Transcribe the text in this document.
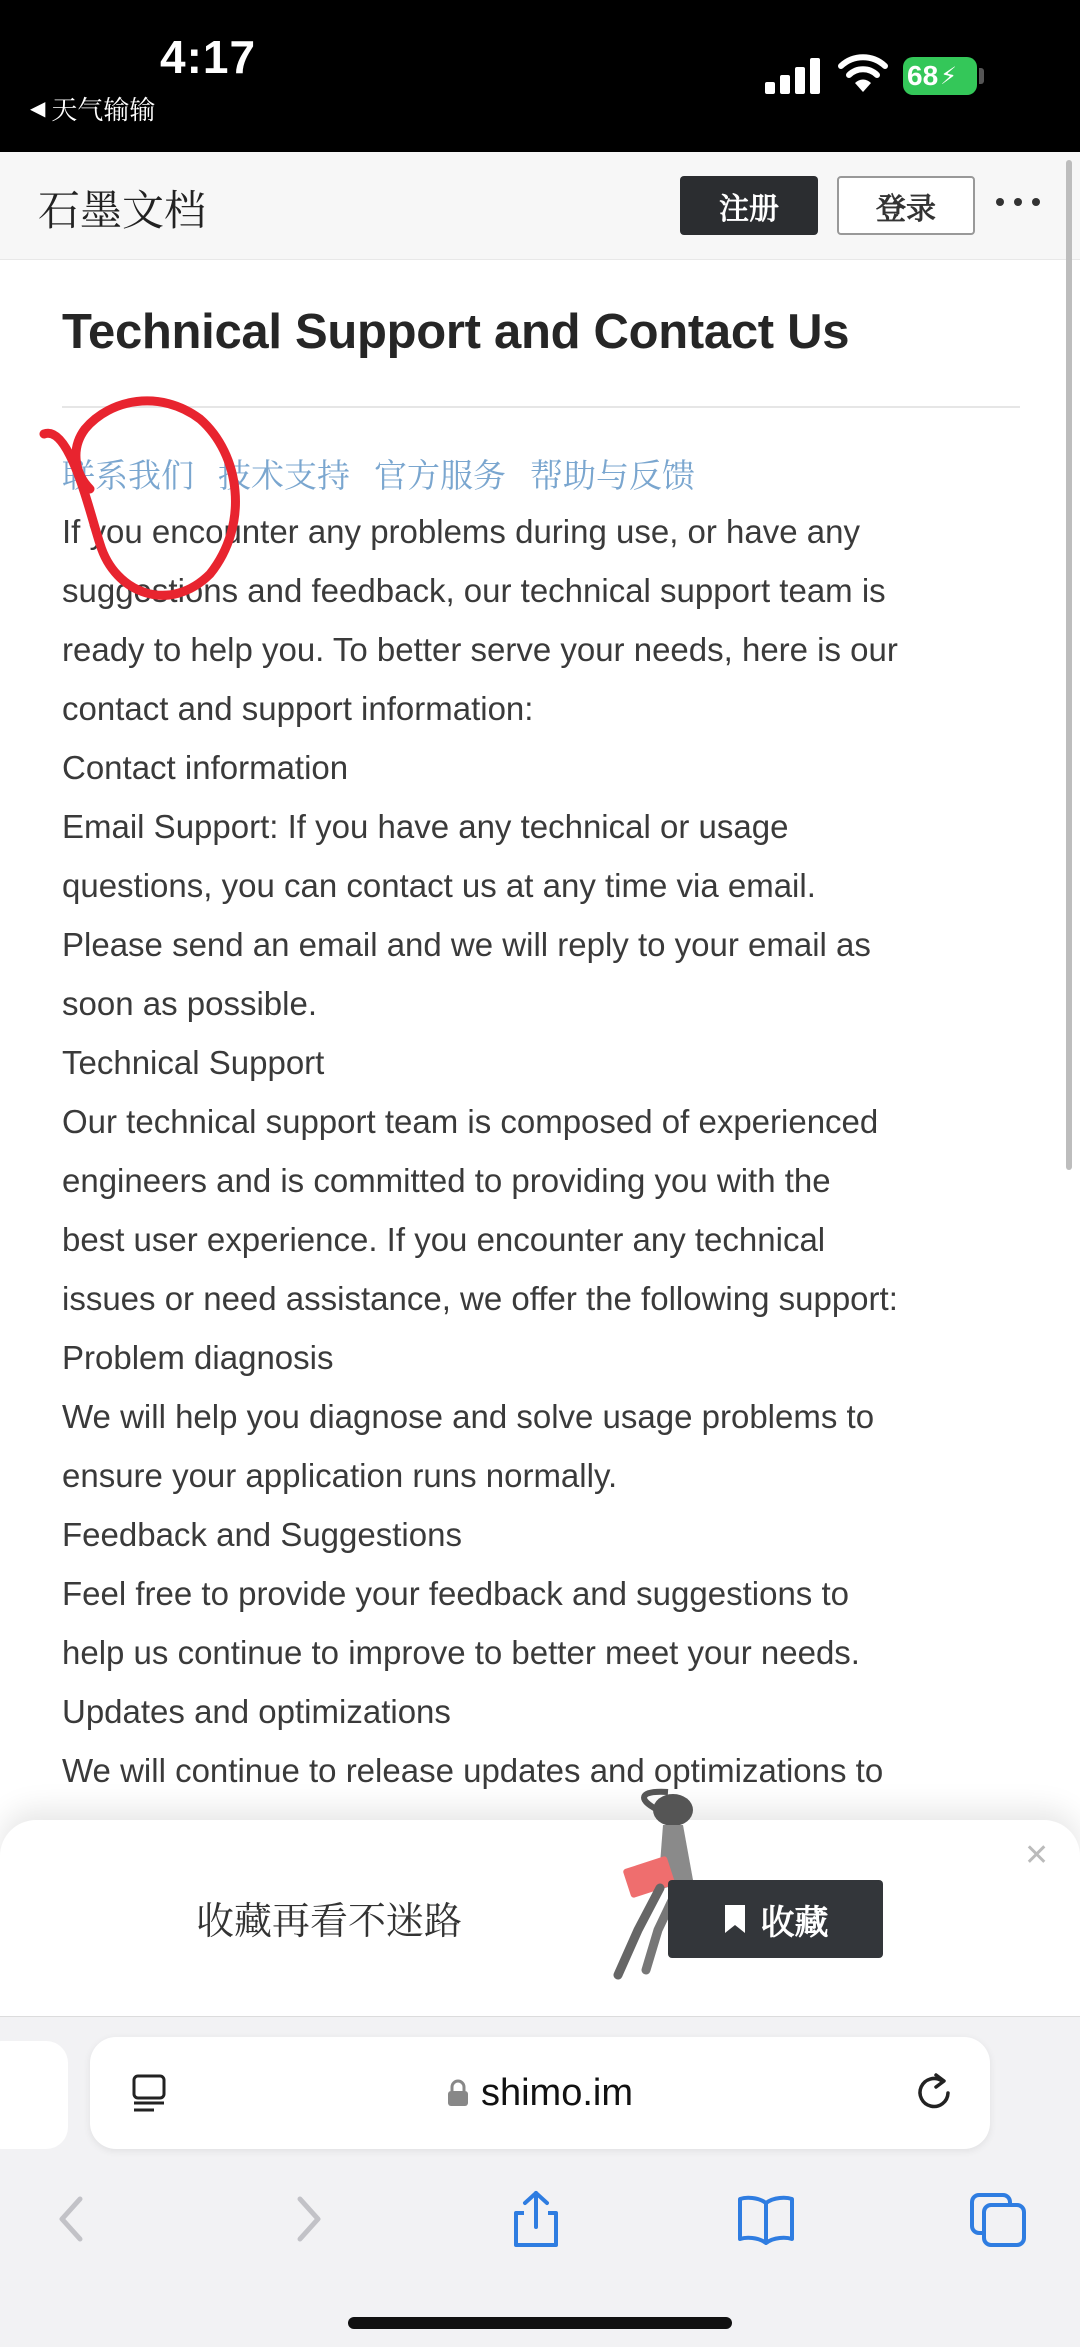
4:17
◀ 天气输输
68 ⚡
石墨文档	注册	登录
Technical Support and Contact Us
联系我们 技术支持 官方服务 帮助与反馈

If you encounter any problems during use, or have any

suggestions and feedback, our technical support team is

ready to help you. To better serve your needs, here is our

contact and support information:

Contact information

Email Support: If you have any technical or usage

questions, you can contact us at any time via email.

Please send an email and we will reply to your email as

soon as possible.

Technical Support

Our technical support team is composed of experienced

engineers and is committed to providing you with the

best user experience. If you encounter any technical

issues or need assistance, we offer the following support:

Problem diagnosis

We will help you diagnose and solve usage problems to

ensure your application runs normally.

Feedback and Suggestions

Feel free to provide your feedback and suggestions to

help us continue to improve to better meet your needs.

Updates and optimizations

We will continue to release updates and optimizations to

收藏再看不迷路	收藏
✕
shimo.im
